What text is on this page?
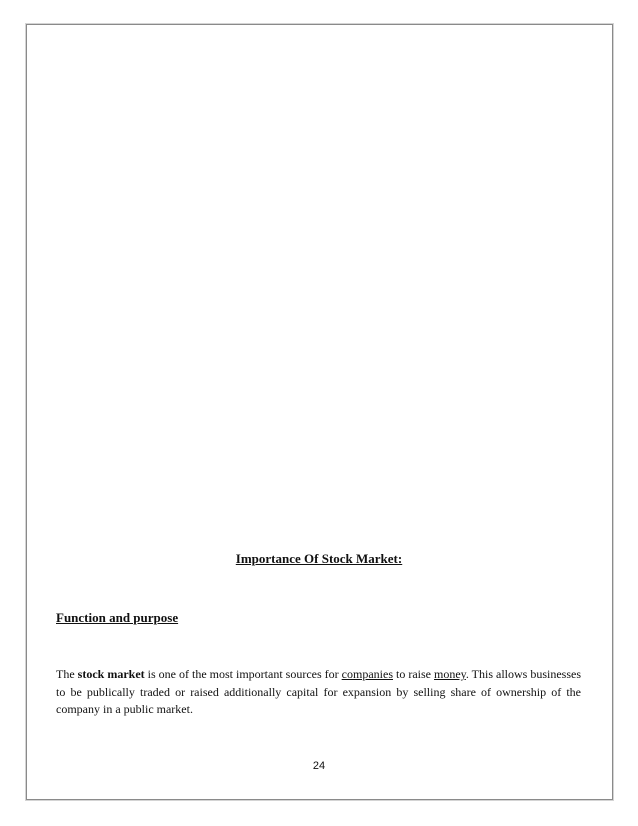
Importance Of Stock Market:
Function and purpose

The stock market is one of the most important sources for companies to raise money. This allows businesses to be publically traded or raised additionally capital for expansion by selling share of ownership of the company in a public market.

24
